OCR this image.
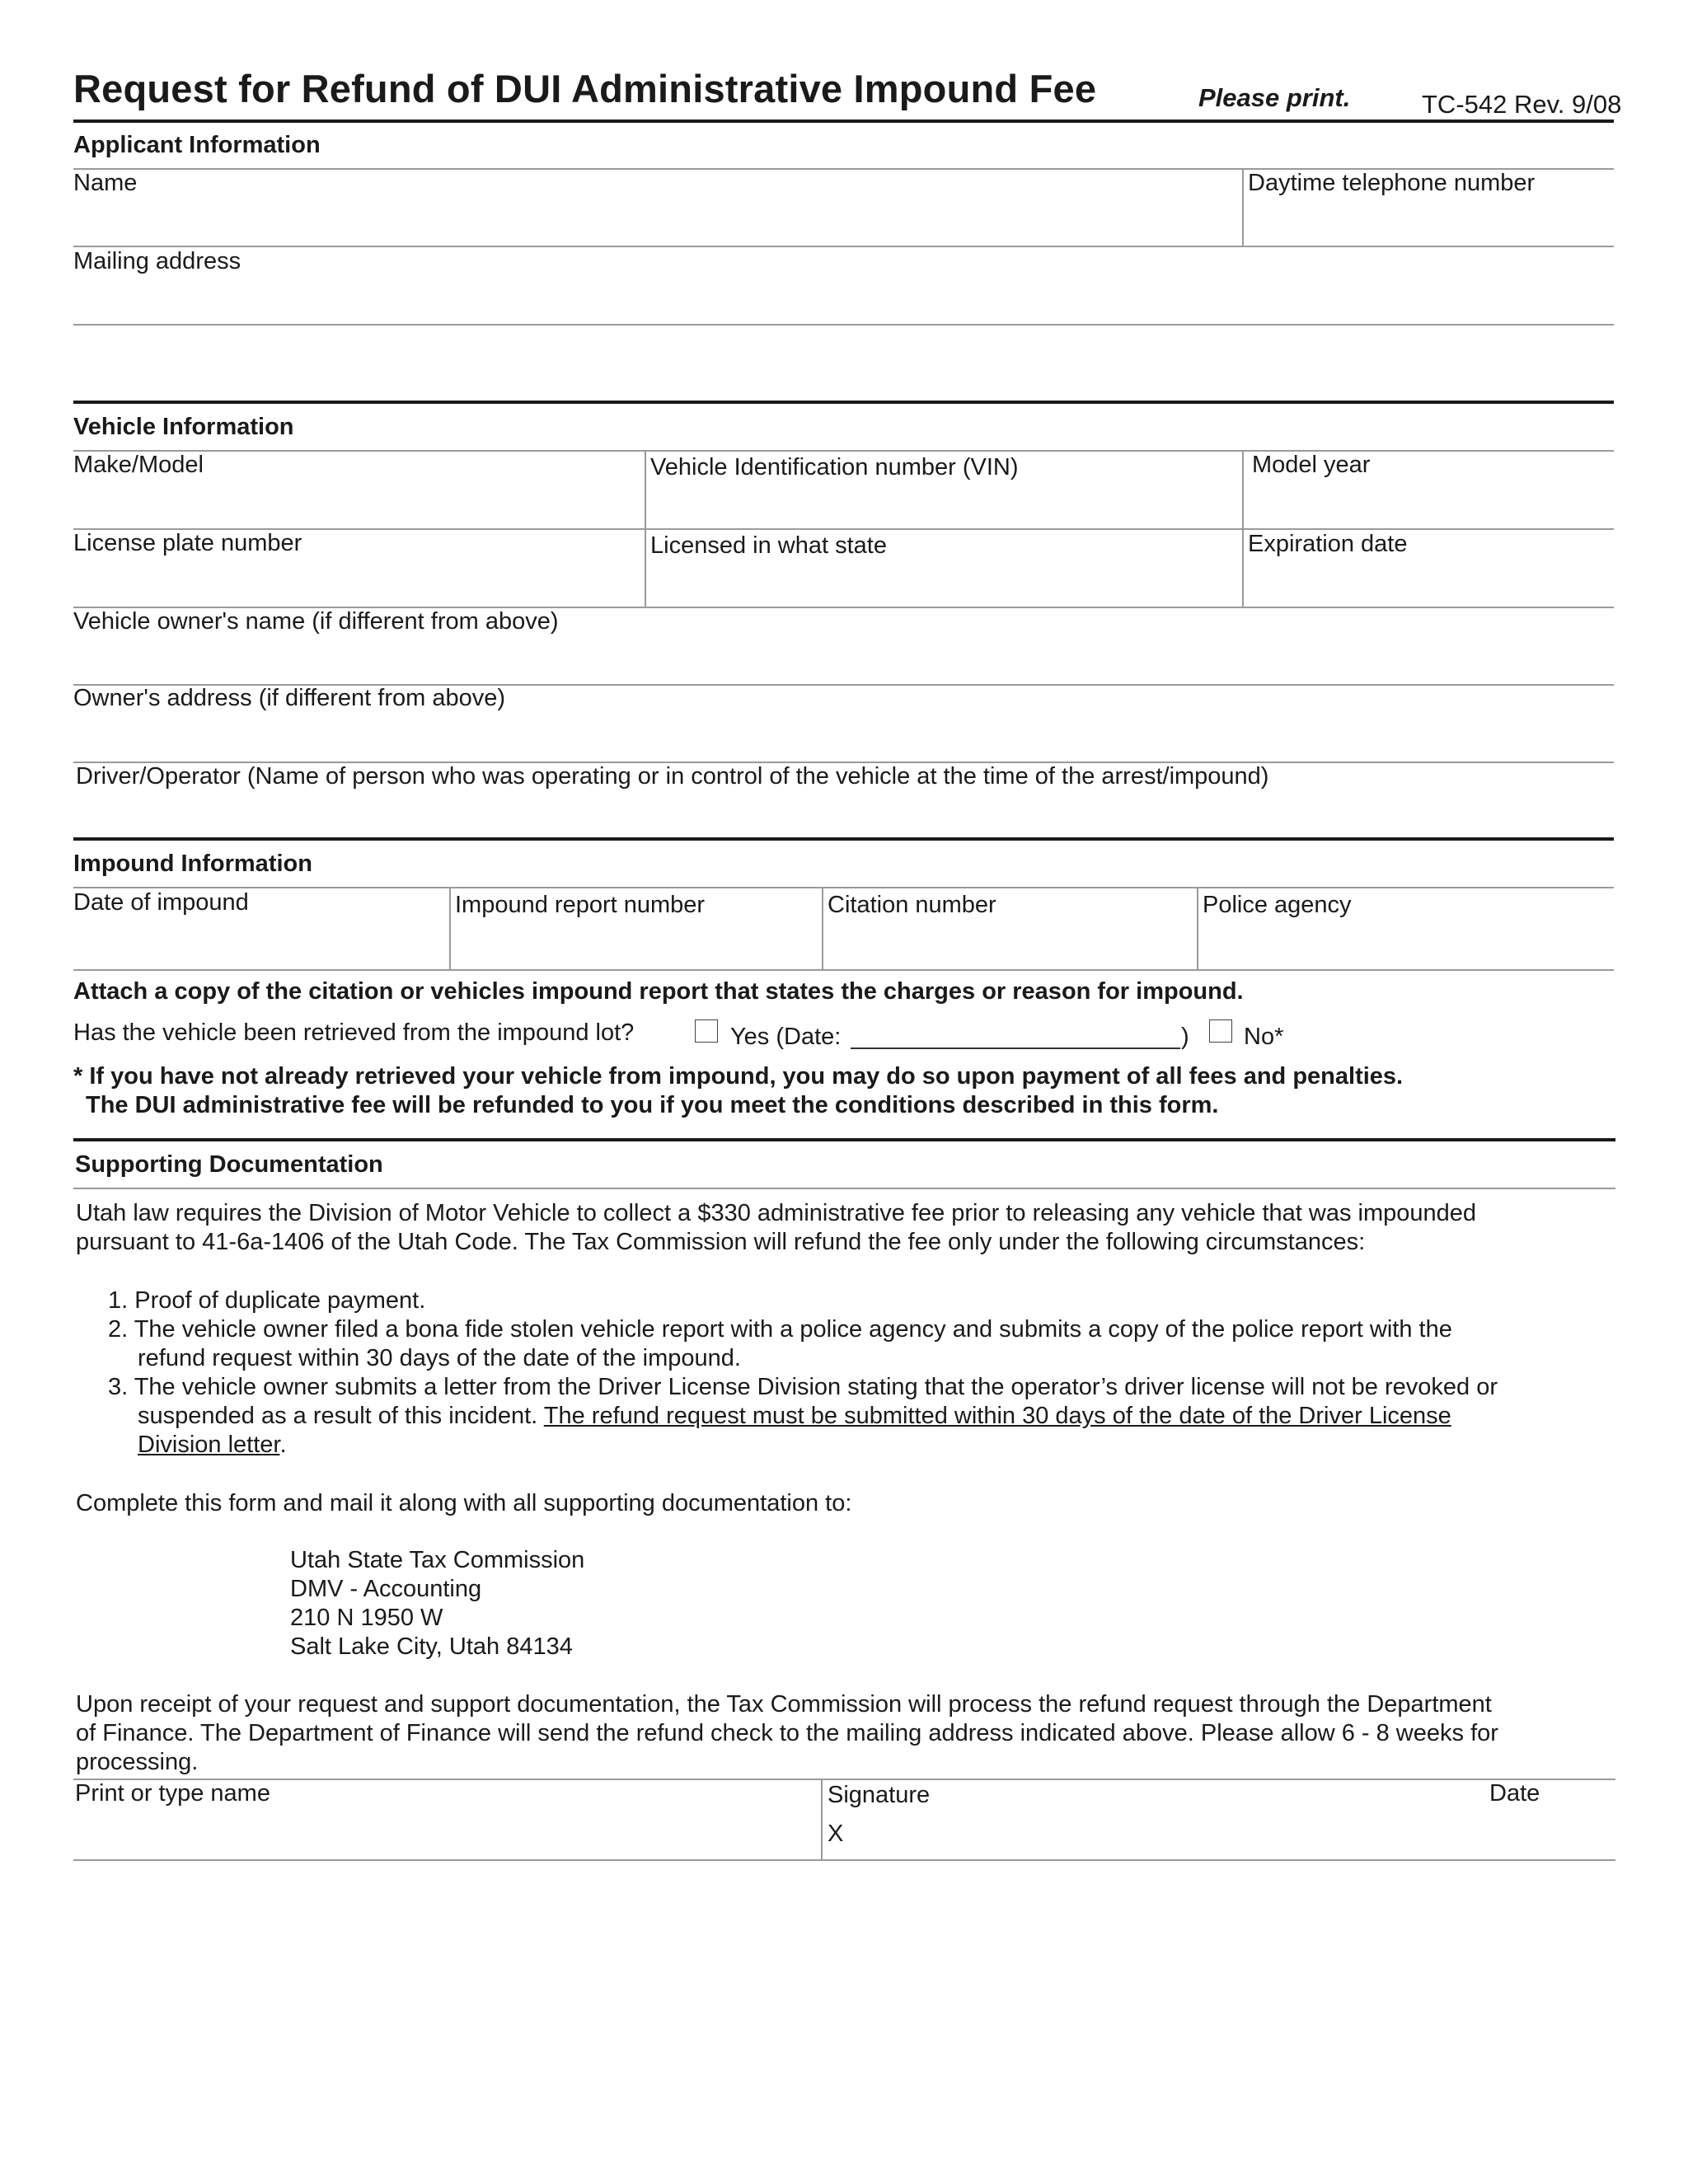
Request for Refund of DUI Administrative Impound Fee	Please print.	TC-542 Rev. 9/08
Applicant Information
Name	Daytime telephone number
Mailing address
Vehicle Information
Make/Model	Vehicle Identification number (VIN)	Model year
License plate number	Licensed in what state	Expiration date
Vehicle owner's name (if different from above)
Owner's address (if different from above)
Driver/Operator (Name of person who was operating or in control of the vehicle at the time of the arrest/impound)
Impound Information
Date of impound	Impound report number	Citation number	Police agency
Attach a copy of the citation or vehicles impound report that states the charges or reason for impound.
Has the vehicle been retrieved from the impound lot?	Yes (Date:	) No*
* If you have not already retrieved your vehicle from impound, you may do so upon payment of all fees and penalties.
The DUI administrative fee will be refunded to you if you meet the conditions described in this form.
Supporting Documentation
Utah law requires the Division of Motor Vehicle to collect a $330 administrative fee prior to releasing any vehicle that was impounded
pursuant to 41-6a-1406 of the Utah Code. The Tax Commission will refund the fee only under the following circumstances:
1. Proof of duplicate payment.
2. The vehicle owner filed a bona fide stolen vehicle report with a police agency and submits a copy of the police report with the
refund request within 30 days of the date of the impound.
3. The vehicle owner submits a letter from the Driver License Division stating that the operator’s driver license will not be revoked or
suspended as a result of this incident. The refund request must be submitted within 30 days of the date of the Driver License
Division letter.
Complete this form and mail it along with all supporting documentation to:
Utah State Tax Commission
DMV - Accounting
210 N 1950 W
Salt Lake City, Utah 84134
Upon receipt of your request and support documentation, the Tax Commission will process the refund request through the Department
of Finance. The Department of Finance will send the refund check to the mailing address indicated above. Please allow 6 - 8 weeks for
processing.
Print or type name	Signature
X
Date
